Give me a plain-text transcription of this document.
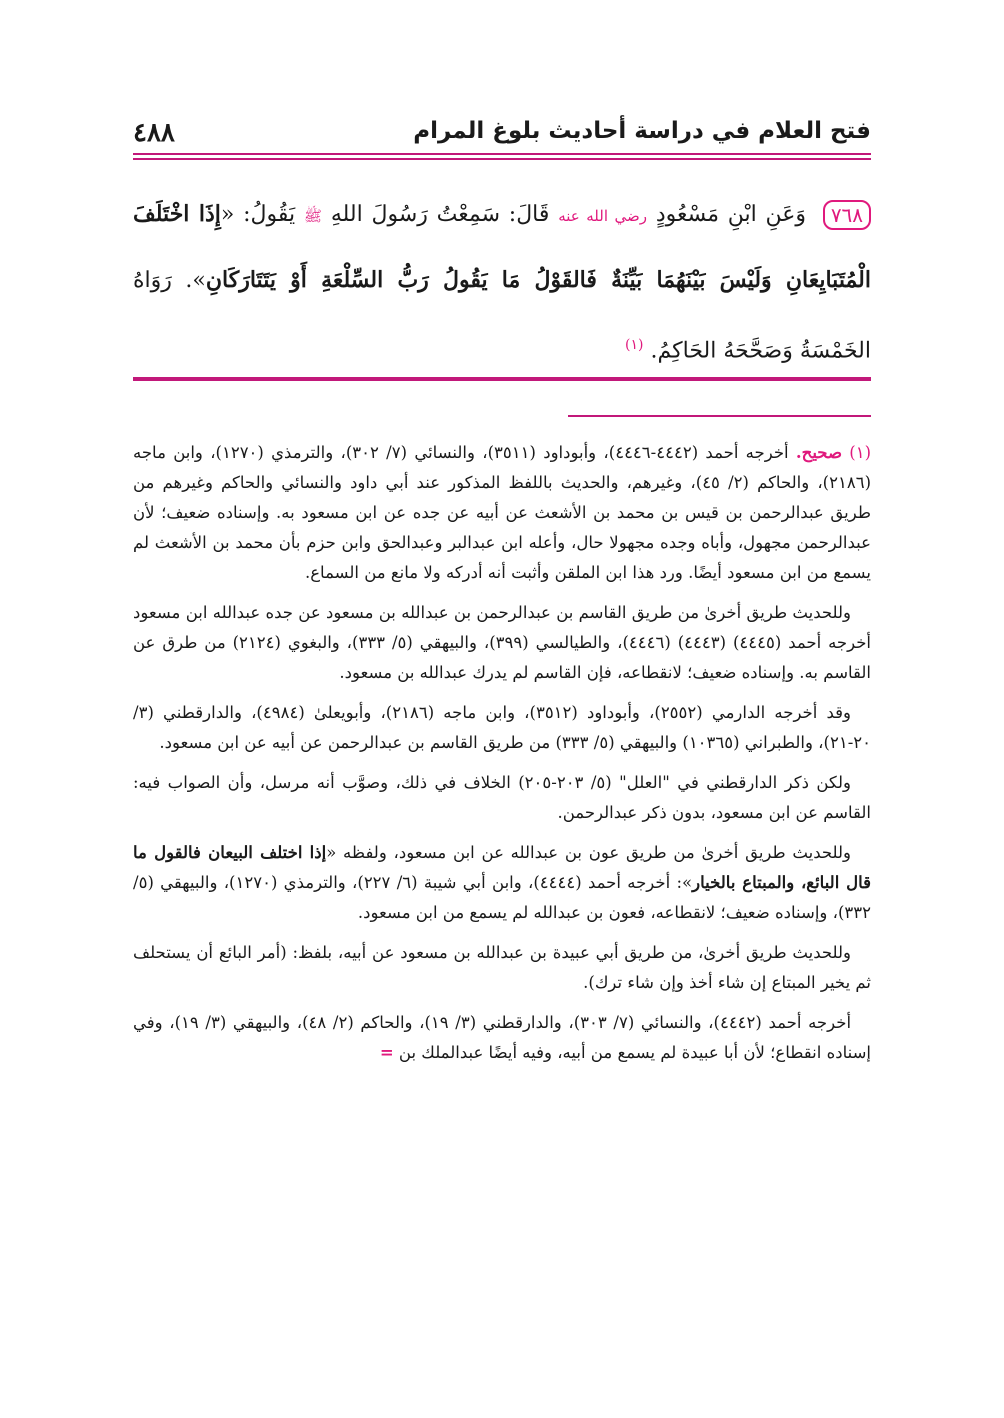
فتح العلام في دراسة أحاديث بلوغ المرام
٤٨٨
٧٦٨ وَعَنِ ابْنِ مَسْعُودٍ رضي الله عنه قَالَ: سَمِعْتُ رَسُولَ اللهِ ﷺ يَقُولُ: «إِذَا اخْتَلَفَ الْمُتَبَايِعَانِ وَلَيْسَ بَيْنَهُمَا بَيِّنَةٌ فَالقَوْلُ مَا يَقُولُ رَبُّ السِّلْعَةِ أَوْ يَتَتَارَكَانِ». رَوَاهُ الخَمْسَةُ وَصَحَّحَهُ الحَاكِمُ. $^{(١)}$

(١) صحيح. أخرجه أحمد (٤٤٤٢-٤٤٤٦)، وأبوداود (٣٥١١)، والنسائي (٧/ ٣٠٢)، والترمذي (١٢٧٠)، وابن ماجه (٢١٨٦)، والحاكم (٢/ ٤٥)، وغيرهم، والحديث باللفظ المذكور عند أبي داود والنسائي والحاكم وغيرهم من طريق عبدالرحمن بن قيس بن محمد بن الأشعث عن أبيه عن جده عن ابن مسعود به. وإسناده ضعيف؛ لأن عبدالرحمن مجهول، وأباه وجده مجهولا حال، وأعله ابن عبدالبر وعبدالحق وابن حزم بأن محمد بن الأشعث لم يسمع من ابن مسعود أيضًا. ورد هذا ابن الملقن وأثبت أنه أدركه ولا مانع من السماع.

وللحديث طريق أخرىٰ من طريق القاسم بن عبدالرحمن بن عبدالله بن مسعود عن جده عبدالله ابن مسعود أخرجه أحمد (٤٤٤٥) (٤٤٤٣) (٤٤٤٦)، والطيالسي (٣٩٩)، والبيهقي (٥/ ٣٣٣)، والبغوي (٢١٢٤) من طرق عن القاسم به. وإسناده ضعيف؛ لانقطاعه، فإن القاسم لم يدرك عبدالله بن مسعود.

وقد أخرجه الدارمي (٢٥٥٢)، وأبوداود (٣٥١٢)، وابن ماجه (٢١٨٦)، وأبويعلىٰ (٤٩٨٤)، والدارقطني (٣/ ٢٠-٢١)، والطبراني (١٠٣٦٥) والبيهقي (٥/ ٣٣٣) من طريق القاسم بن عبدالرحمن عن أبيه عن ابن مسعود.

ولكن ذكر الدارقطني في "العلل" (٥/ ٢٠٣-٢٠٥) الخلاف في ذلك، وصوَّب أنه مرسل، وأن الصواب فيه: القاسم عن ابن مسعود، بدون ذكر عبدالرحمن.

وللحديث طريق أخرىٰ من طريق عون بن عبدالله عن ابن مسعود، ولفظه «إذا اختلف البيعان فالقول ما قال البائع، والمبتاع بالخيار»: أخرجه أحمد (٤٤٤٤)، وابن أبي شيبة (٦/ ٢٢٧)، والترمذي (١٢٧٠)، والبيهقي (٥/ ٣٣٢)، وإسناده ضعيف؛ لانقطاعه، فعون بن عبدالله لم يسمع من ابن مسعود.

وللحديث طريق أخرىٰ، من طريق أبي عبيدة بن عبدالله بن مسعود عن أبيه، بلفظ: (أمر البائع أن يستحلف ثم يخير المبتاع إن شاء أخذ وإن شاء ترك).

أخرجه أحمد (٤٤٤٢)، والنسائي (٧/ ٣٠٣)، والدارقطني (٣/ ١٩)، والحاكم (٢/ ٤٨)، والبيهقي (٣/ ١٩)، وفي إسناده انقطاع؛ لأن أبا عبيدة لم يسمع من أبيه، وفيه أيضًا عبدالملك بن =
